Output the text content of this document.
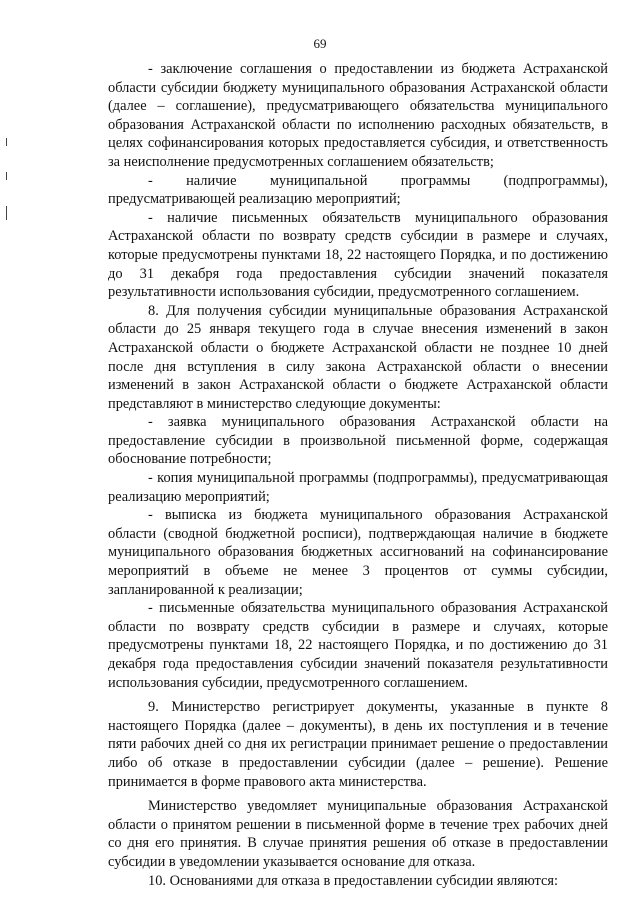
69

- заключение соглашения о предоставлении из бюджета Астраханской области субсидии бюджету муниципального образования Астраханской области (далее – соглашение), предусматривающего обязательства муниципального образования Астраханской области по исполнению расходных обязательств, в целях софинансирования которых предоставляется субсидия, и ответственность за неисполнение предусмотренных соглашением обязательств;

- наличие муниципальной программы (подпрограммы), предусматривающей реализацию мероприятий;

- наличие письменных обязательств муниципального образования Астраханской области по возврату средств субсидии в размере и случаях, которые предусмотрены пунктами 18, 22 настоящего Порядка, и по достижению до 31 декабря года предоставления субсидии значений показателя результативности использования субсидии, предусмотренного соглашением.

8. Для получения субсидии муниципальные образования Астраханской области до 25 января текущего года в случае внесения изменений в закон Астраханской области о бюджете Астраханской области не позднее 10 дней после дня вступления в силу закона Астраханской области о внесении изменений в закон Астраханской области о бюджете Астраханской области представляют в министерство следующие документы:

- заявка муниципального образования Астраханской области на предоставление субсидии в произвольной письменной форме, содержащая обоснование потребности;

- копия муниципальной программы (подпрограммы), предусматривающая реализацию мероприятий;

- выписка из бюджета муниципального образования Астраханской области (сводной бюджетной росписи), подтверждающая наличие в бюджете муниципального образования бюджетных ассигнований на софинансирование мероприятий в объеме не менее 3 процентов от суммы субсидии, запланированной к реализации;

- письменные обязательства муниципального образования Астраханской области по возврату средств субсидии в размере и случаях, которые предусмотрены пунктами 18, 22 настоящего Порядка, и по достижению до 31 декабря года предоставления субсидии значений показателя результативности использования субсидии, предусмотренного соглашением.

9. Министерство регистрирует документы, указанные в пункте 8 настоящего Порядка (далее – документы), в день их поступления и в течение пяти рабочих дней со дня их регистрации принимает решение о предоставлении либо об отказе в предоставлении субсидии (далее – решение). Решение принимается в форме правового акта министерства.

Министерство уведомляет муниципальные образования Астраханской области о принятом решении в письменной форме в течение трех рабочих дней со дня его принятия. В случае принятия решения об отказе в предоставлении субсидии в уведомлении указывается основание для отказа.

10. Основаниями для отказа в предоставлении субсидии являются:
